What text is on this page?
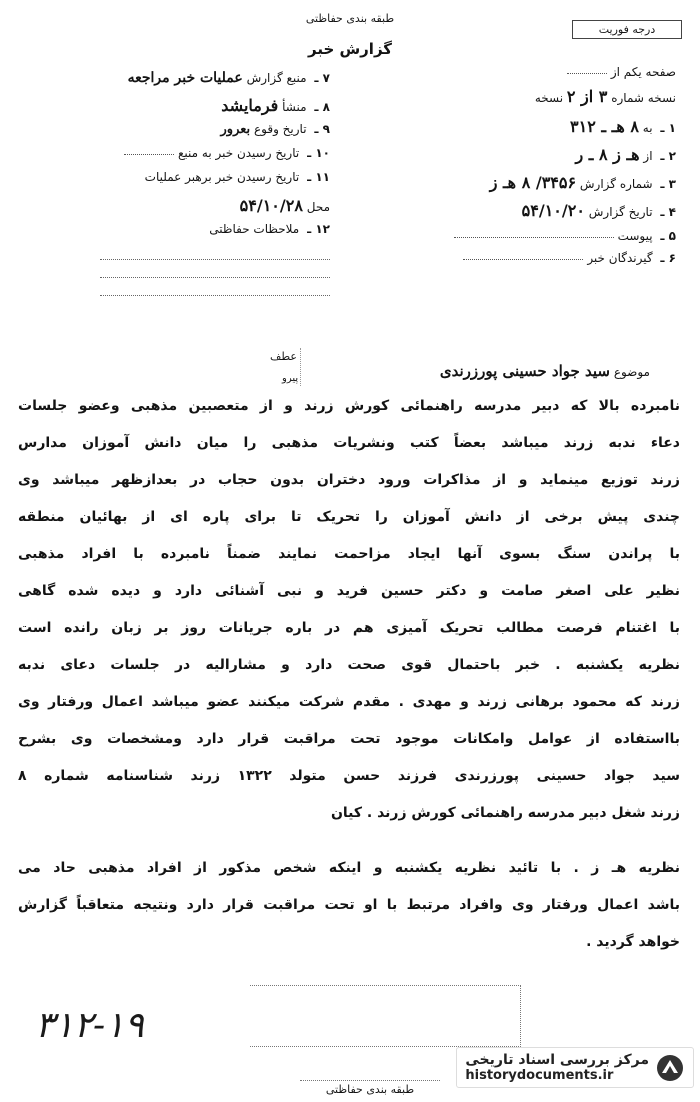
طبقه بندی حفاظتی
گزارش خبر
درجه فوریت
صفحه یکم از
نسخه شماره ۳ از ۲ نسخه
۱ ـ به ۸ هـ ـ ۳۱۲
۲ ـ از هـ ز ۸ ـ ر
۳ ـ شماره گزارش ۳۴۵۶/ ۸ هـ ز
۴ ـ تاریخ گزارش ۵۴/۱۰/۲۰
۵ ـ پیوست
۶ ـ گیرندگان خبر
۷ ـ منبع گزارش عملیات خبر مراجعه
۸ ـ منشأ فرمایشد
۹ ـ تاریخ وقوع بعرور
۱۰ ـ تاریخ رسیدن خبر به منبع
۱۱ ـ تاریخ رسیدن خبر برهبر عملیات
محل ۵۴/۱۰/۲۸
۱۲ ـ ملاحظات حفاظتی
عطف
پیرو	موضوع سید جواد حسینی پورزرندی
نامبرده بالا که دبیر مدرسه راهنمائی کورش زرند و از متعصبین مذهبی وعضو جلسات
دعاء ندبه زرند میباشد بعضاً کتب ونشریات مذهبی را میان دانش آموزان مدارس
زرند توزیع مینماید و از مذاکرات ورود دختران بدون حجاب در بعدازظهر میباشد وی
چندی پیش برخی از دانش آموزان را تحریک تا برای پاره ای از بهائیان منطقه
با پراندن سنگ بسوی آنها ایجاد مزاحمت نمایند ضمناً نامبرده با افراد مذهبی
نظیر علی اصغر صامت و دکتر حسین فرید و نبی آشنائی دارد و دیده شده گاهی
با اغتنام فرصت مطالب تحریک آمیزی هم در باره جریانات روز بر زبان رانده است
نظریه یکشنبه . خبر باحتمال قوی صحت دارد و مشارالیه در جلسات دعای ندبه
زرند که محمود برهانی زرند و مهدی . مقدم شرکت میکنند عضو میباشد اعمال ورفتار وی
بااستفاده از عوامل وامکانات موجود تحت مراقبت قرار دارد ومشخصات وی بشرح
سید جواد حسینی پورزرندی فرزند حسن متولد ۱۳۲۲ زرند شناسنامه شماره ۸
زرند شغل دبیر مدرسه راهنمائی کورش زرند . کیان
نظریه هـ ز . با تائید نظریه یکشنبه و اینکه شخص مذکور از افراد مذهبی حاد می
باشد اعمال ورفتار وی وافراد مرتبط با او تحت مراقبت قرار دارد ونتیجه متعاقباً گزارش
خواهد گردید .
۳۱۲-۱۹
طبقه بندی حفاظتی
مرکز بررسی اسناد تاریخی
historydocuments.ir
